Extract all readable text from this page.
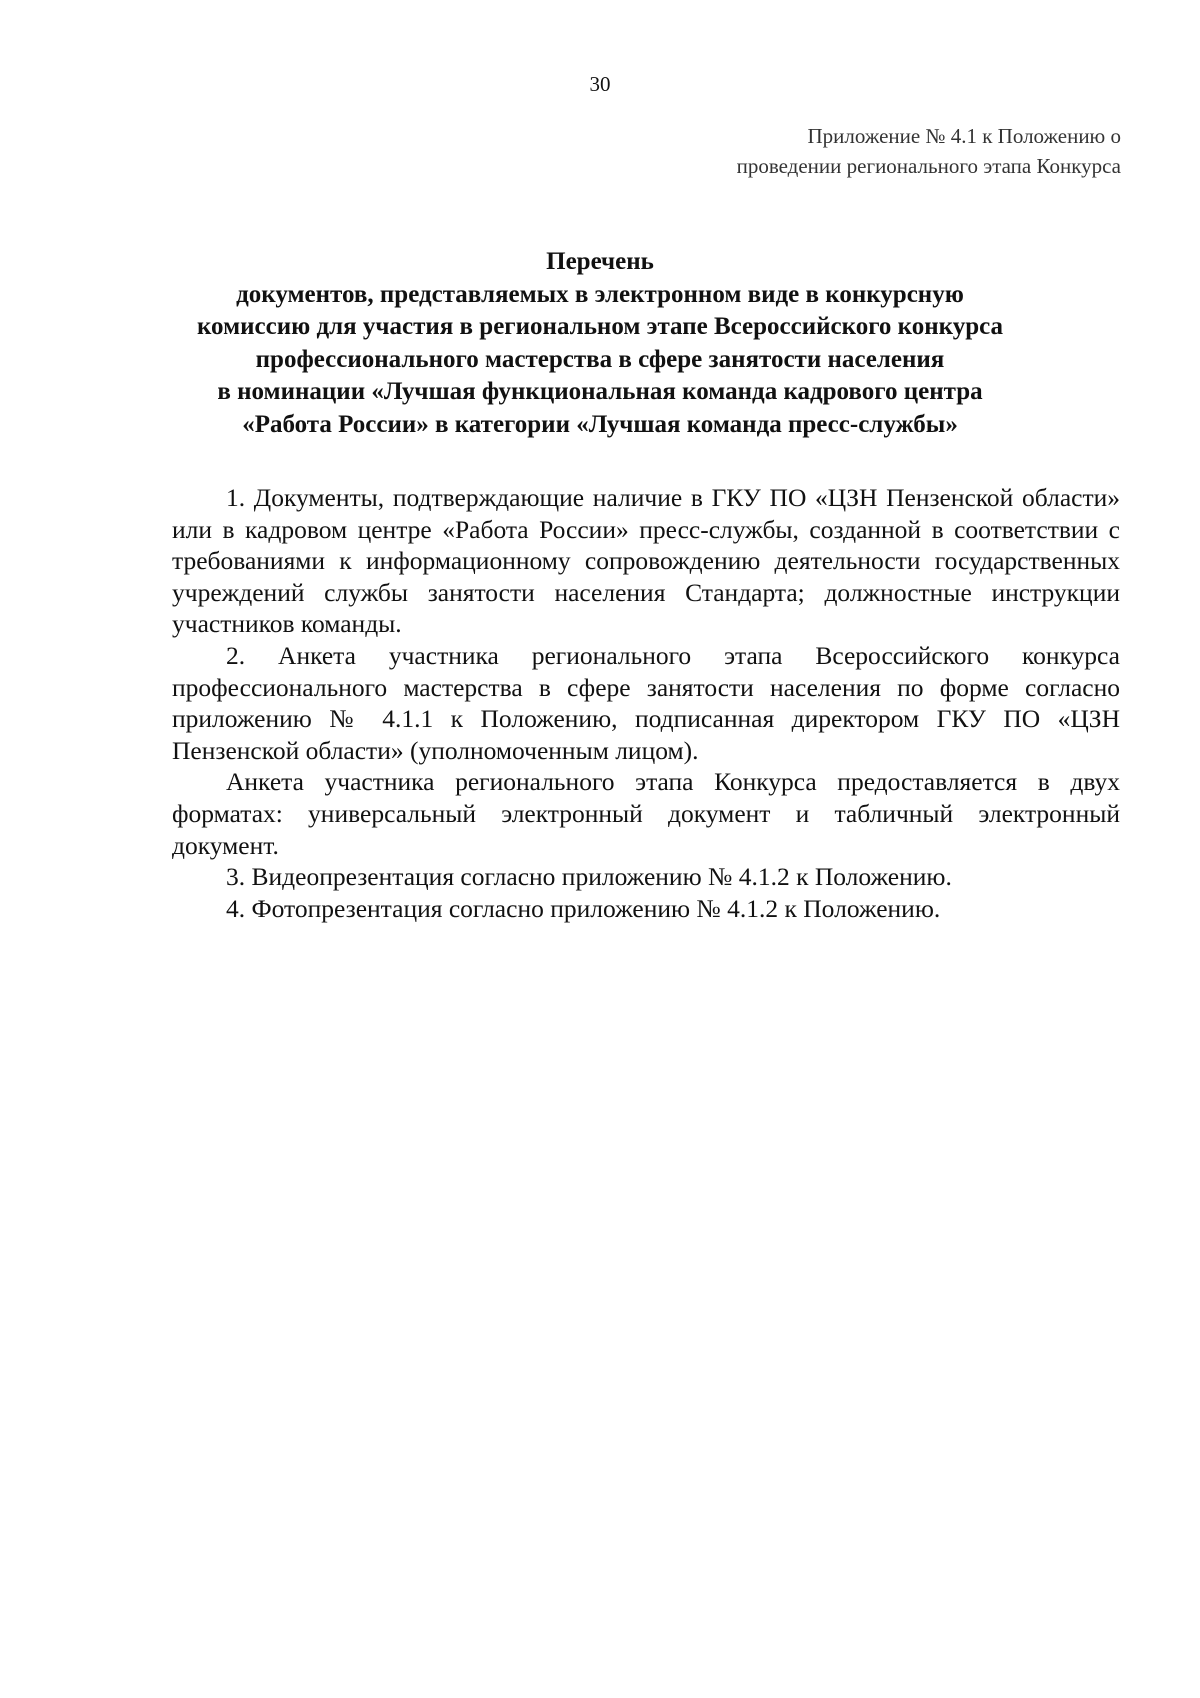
30
Приложение № 4.1 к Положению о
проведении регионального этапа Конкурса
Перечень
документов, представляемых в электронном виде в конкурсную
комиссию для участия в региональном этапе Всероссийского конкурса
профессионального мастерства в сфере занятости населения
в номинации «Лучшая функциональная команда кадрового центра
«Работа России» в категории «Лучшая команда пресс-службы»

1. Документы, подтверждающие наличие в ГКУ ПО «ЦЗН Пензенской области» или в кадровом центре «Работа России» пресс-службы, созданной в соответствии с требованиями к информационному сопровождению деятельности государственных учреждений службы занятости населения Стандарта; должностные инструкции участников команды.

2. Анкета участника регионального этапа Всероссийского конкурса профессионального мастерства в сфере занятости населения по форме согласно приложению № 4.1.1 к Положению, подписанная директором ГКУ ПО «ЦЗН Пензенской области» (уполномоченным лицом).

Анкета участника регионального этапа Конкурса предоставляется в двух форматах: универсальный электронный документ и табличный электронный документ.

3. Видеопрезентация согласно приложению № 4.1.2 к Положению.

4. Фотопрезентация согласно приложению № 4.1.2 к Положению.
